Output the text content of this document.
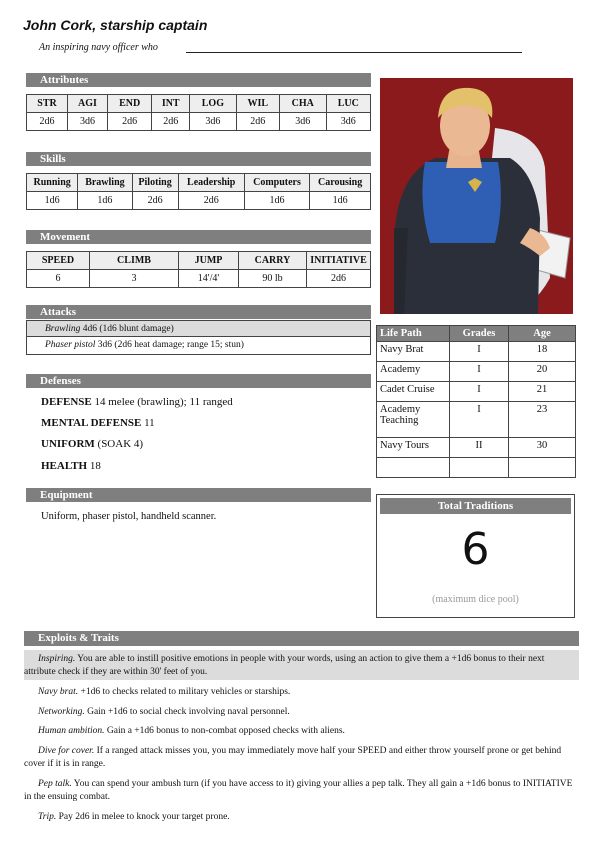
John Cork, starship captain
An inspiring navy officer who
Attributes
STR	AGI	END	INT	LOG	WIL	CHA	LUC
2d6	3d6	2d6	2d6	3d6	2d6	3d6	3d6
Skills
Running	Brawling	Piloting	Leadership	Computers	Carousing
1d6	1d6	2d6	2d6	1d6	1d6
Movement
SPEED	CLIMB	JUMP	CARRY	INITIATIVE
6	3	14'/4'	90 lb	2d6
Attacks
Brawling 4d6 (1d6 blunt damage)
Phaser pistol 3d6 (2d6 heat damage; range 15; stun)
Defenses
DEFENSE 14 melee (brawling); 11 ranged
MENTAL DEFENSE 11
UNIFORM (SOAK 4)
HEALTH 18
Equipment
Uniform, phaser pistol, handheld scanner.
Life Path	Grades	Age
Navy Brat	I	18
Academy	I	20
Cadet Cruise	I	21
Academy Teaching	I	23
Navy Tours	II	30

Total Traditions
6
(maximum dice pool)
Exploits & Traits
Inspiring. You are able to instill positive emotions in people with your words, using an action to give them a +1d6 bonus to their next attribute check if they are within 30' feet of you.
Navy brat. +1d6 to checks related to military vehicles or starships.
Networking. Gain +1d6 to social check involving naval personnel.
Human ambition. Gain a +1d6 bonus to non-combat opposed checks with aliens.
Dive for cover. If a ranged attack misses you, you may immediately move half your SPEED and either throw yourself prone or get behind cover if it is in range.
Pep talk. You can spend your ambush turn (if you have access to it) giving your allies a pep talk. They all gain a +1d6 bonus to INITIATIVE in the ensuing combat.
Trip. Pay 2d6 in melee to knock your target prone.
